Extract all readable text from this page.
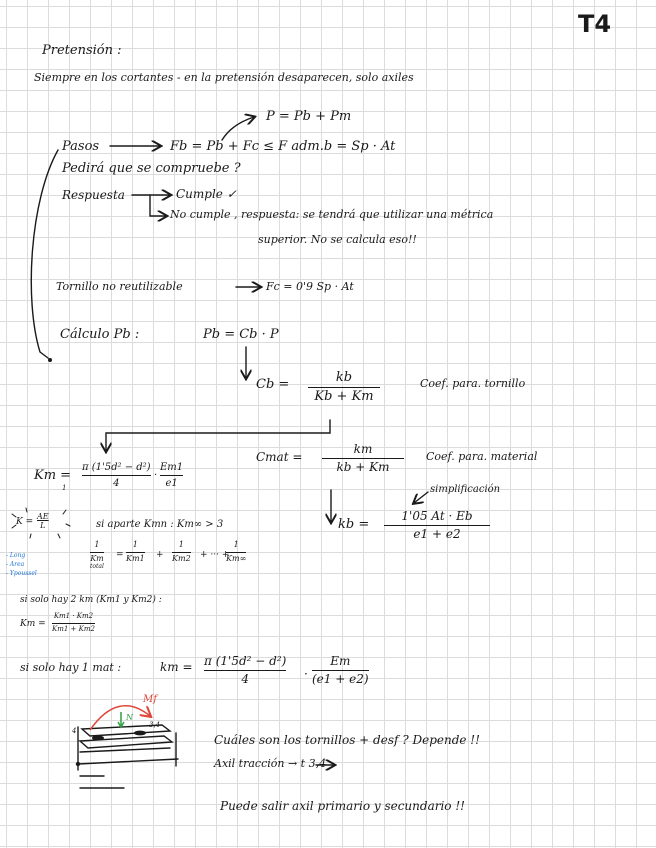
T4
Pretensión :
Siempre en los cortantes - en la pretensión desaparecen, solo axiles
P = Pb + Pm
Pasos	Fb = Pb + Fc ≤ F adm.b = Sp · At
Pedirá que se compruebe ?
Respuesta	Cumple ✓
No cumple , respuesta: se tendrá que utilizar una métrica
superior. No se calcula eso!!
Tornillo no reutilizable	Fc = 0'9 Sp · At
Cálculo Pb :	Pb = Cb · P
Cb =	kb
Kb + Km
Coef. para. tornillo
Cmat =
km
kb + Km
Coef. para. material
Km =
1
π (1'5d² − d²)
4
·
Em1
e1
simplificación
kb =
1'05 At · Eb
e1 + e2
$K = \frac{AE}{L}$
- Long
- Area
- Ypoussel
si aparte Kmn : Km∞ > 3
1
Km
total
=
1
Km1 +
1
Km2 + ··· +
1
Km∞
si solo hay 2 km (Km1 y Km2) :
Km =
Km1 · Km2
Km1 + Km2
si solo hay 1 mat :	km = π (1'5d² − d²)
4	·
Em
(e1 + e2)
Mf
N
4
3,4
Cuáles son los tornillos + desf ? Depende !!
Axil tracción → t 3,4
Puede salir axil primario y secundario !!
